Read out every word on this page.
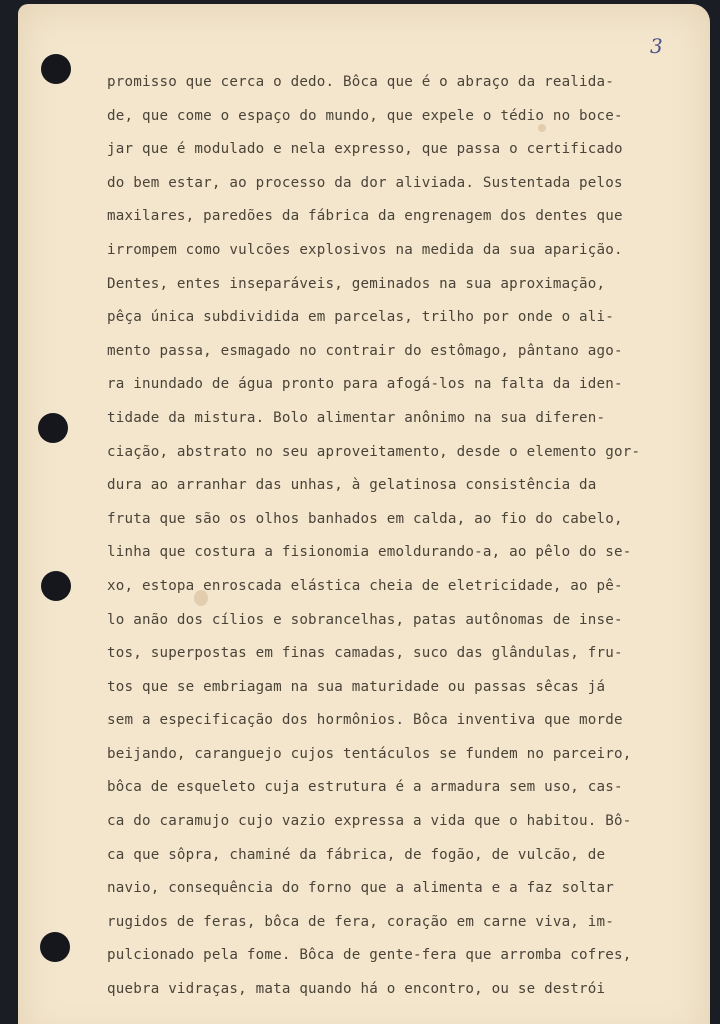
3
promisso que cerca o dedo. Bôca que é o abraço da realida-
de, que come o espaço do mundo, que expele o tédio no boce-
jar que é modulado e nela expresso, que passa o certificado
do bem estar, ao processo da dor aliviada. Sustentada pelos
maxilares, paredões da fábrica da engrenagem dos dentes que
irrompem como vulcões explosivos na medida da sua aparição.
Dentes, entes inseparáveis, geminados na sua aproximação,
pêça única subdividida em parcelas, trilho por onde o ali-
mento passa, esmagado no contrair do estômago, pântano ago-
ra inundado de água pronto para afogá-los na falta da iden-
tidade da mistura. Bolo alimentar anônimo na sua diferen-
ciação, abstrato no seu aproveitamento, desde o elemento gor-
dura ao arranhar das unhas, à gelatinosa consistência da
fruta que são os olhos banhados em calda, ao fio do cabelo,
linha que costura a fisionomia emoldurando-a, ao pêlo do se-
xo, estopa enroscada elástica cheia de eletricidade, ao pê-
lo anão dos cílios e sobrancelhas, patas autônomas de inse-
tos, superpostas em finas camadas, suco das glândulas, fru-
tos que se embriagam na sua maturidade ou passas sêcas já
sem a especificação dos hormônios. Bôca inventiva que morde
beijando, caranguejo cujos tentáculos se fundem no parceiro,
bôca de esqueleto cuja estrutura é a armadura sem uso, cas-
ca do caramujo cujo vazio expressa a vida que o habitou. Bô-
ca que sôpra, chaminé da fábrica, de fogão, de vulcão, de
navio, consequência do forno que a alimenta e a faz soltar
rugidos de feras, bôca de fera, coração em carne viva, im-
pulcionado pela fome. Bôca de gente-fera que arromba cofres,
quebra vidraças, mata quando há o encontro, ou se destrói
